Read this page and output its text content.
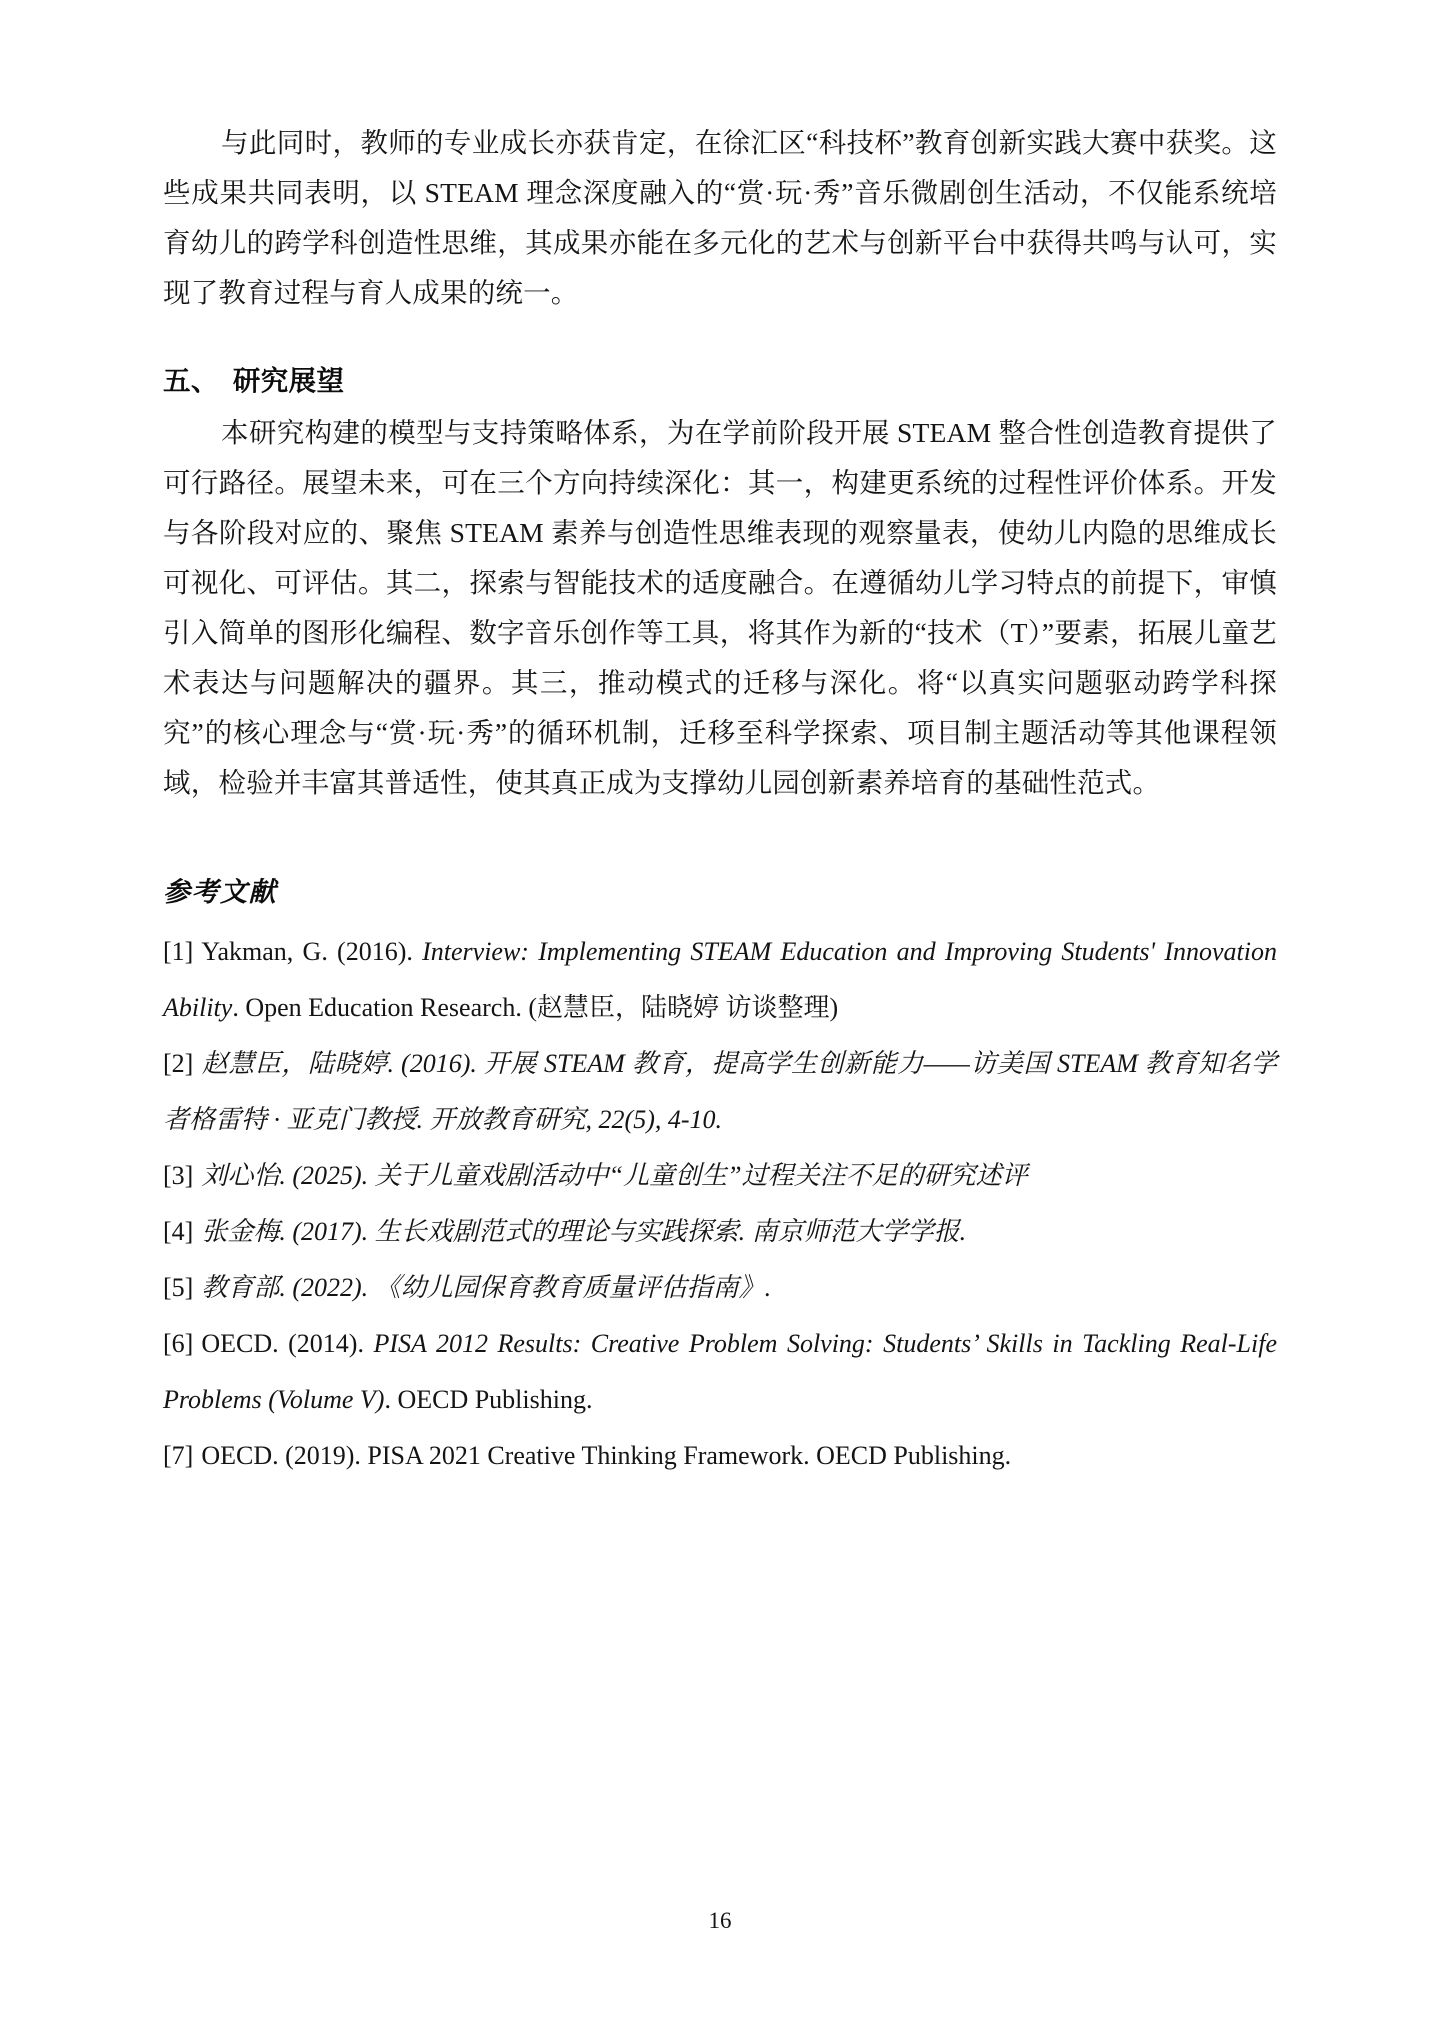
与此同时，教师的专业成长亦获肯定，在徐汇区“科技杯”教育创新实践大赛中获奖。这些成果共同表明，以 STEAM 理念深度融入的“赏·玩·秀”音乐微剧创生活动，不仅能系统培育幼儿的跨学科创造性思维，其成果亦能在多元化的艺术与创新平台中获得共鸣与认可，实现了教育过程与育人成果的统一。

五、 研究展望

本研究构建的模型与支持策略体系，为在学前阶段开展 STEAM 整合性创造教育提供了可行路径。展望未来，可在三个方向持续深化：其一，构建更系统的过程性评价体系。开发与各阶段对应的、聚焦 STEAM 素养与创造性思维表现的观察量表，使幼儿内隐的思维成长可视化、可评估。其二，探索与智能技术的适度融合。在遵循幼儿学习特点的前提下，审慎引入简单的图形化编程、数字音乐创作等工具，将其作为新的“技术（T）”要素，拓展儿童艺术表达与问题解决的疆界。其三，推动模式的迁移与深化。将“以真实问题驱动跨学科探究”的核心理念与“赏·玩·秀”的循环机制，迁移至科学探索、项目制主题活动等其他课程领域，检验并丰富其普适性，使其真正成为支撑幼儿园创新素养培育的基础性范式。

参考文献
[1] Yakman, G. (2016). Interview: Implementing STEAM Education and Improving Students' Innovation Ability. Open Education Research. (赵慧臣，陆晓婷 访谈整理)
[2] 赵慧臣，陆晓婷. (2016). 开展 STEAM 教育，提高学生创新能力——访美国 STEAM 教育知名学者格雷特 · 亚克门教授. 开放教育研究, 22(5), 4-10.
[3] 刘心怡. (2025). 关于儿童戏剧活动中“儿童创生”过程关注不足的研究述评
[4] 张金梅. (2017). 生长戏剧范式的理论与实践探索. 南京师范大学学报.
[5] 教育部. (2022). 《幼儿园保育教育质量评估指南》.
[6] OECD. (2014). PISA 2012 Results: Creative Problem Solving: Students’ Skills in Tackling Real-Life Problems (Volume V). OECD Publishing.
[7] OECD. (2019). PISA 2021 Creative Thinking Framework. OECD Publishing.
16
